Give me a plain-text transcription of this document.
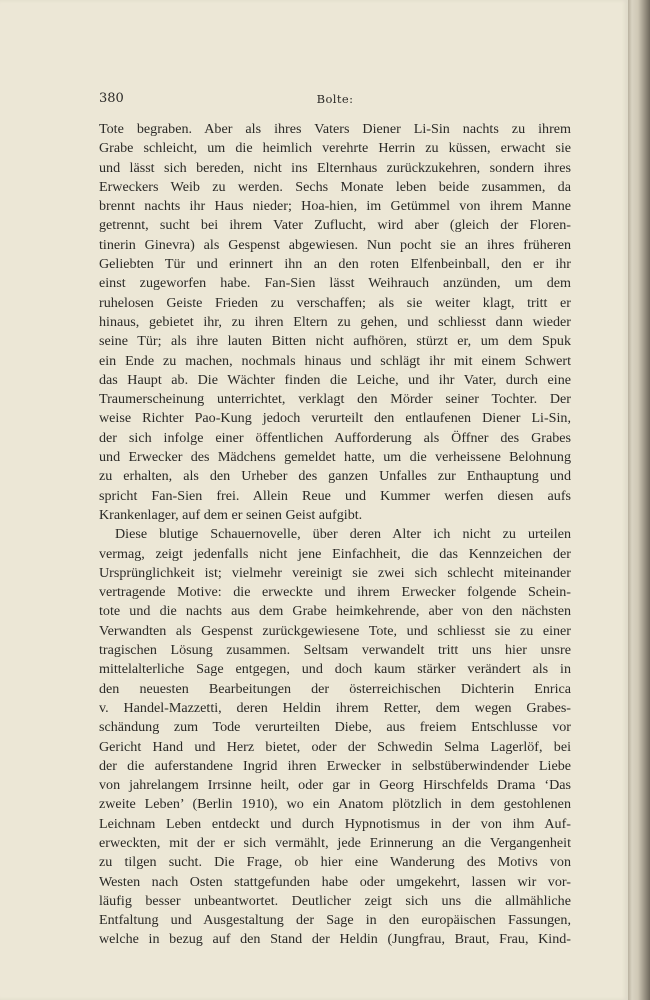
380	Bolte:
Tote begraben. Aber als ihres Vaters Diener Li-Sin nachts zu ihrem
Grabe schleicht, um die heimlich verehrte Herrin zu küssen, erwacht sie
und lässt sich bereden, nicht ins Elternhaus zurückzukehren, sondern ihres
Erweckers Weib zu werden. Sechs Monate leben beide zusammen, da
brennt nachts ihr Haus nieder; Hoa-hien, im Getümmel von ihrem Manne
getrennt, sucht bei ihrem Vater Zuflucht, wird aber (gleich der Floren-
tinerin Ginevra) als Gespenst abgewiesen. Nun pocht sie an ihres früheren
Geliebten Tür und erinnert ihn an den roten Elfenbeinball, den er ihr
einst zugeworfen habe. Fan-Sien lässt Weihrauch anzünden, um dem
ruhelosen Geiste Frieden zu verschaffen; als sie weiter klagt, tritt er
hinaus, gebietet ihr, zu ihren Eltern zu gehen, und schliesst dann wieder
seine Tür; als ihre lauten Bitten nicht aufhören, stürzt er, um dem Spuk
ein Ende zu machen, nochmals hinaus und schlägt ihr mit einem Schwert
das Haupt ab. Die Wächter finden die Leiche, und ihr Vater, durch eine
Traumerscheinung unterrichtet, verklagt den Mörder seiner Tochter. Der
weise Richter Pao-Kung jedoch verurteilt den entlaufenen Diener Li-Sin,
der sich infolge einer öffentlichen Aufforderung als Öffner des Grabes
und Erwecker des Mädchens gemeldet hatte, um die verheissene Belohnung
zu erhalten, als den Urheber des ganzen Unfalles zur Enthauptung und
spricht Fan-Sien frei. Allein Reue und Kummer werfen diesen aufs
Krankenlager, auf dem er seinen Geist aufgibt.
Diese blutige Schauernovelle, über deren Alter ich nicht zu urteilen
vermag, zeigt jedenfalls nicht jene Einfachheit, die das Kennzeichen der
Ursprünglichkeit ist; vielmehr vereinigt sie zwei sich schlecht miteinander
vertragende Motive: die erweckte und ihrem Erwecker folgende Schein-
tote und die nachts aus dem Grabe heimkehrende, aber von den nächsten
Verwandten als Gespenst zurückgewiesene Tote, und schliesst sie zu einer
tragischen Lösung zusammen. Seltsam verwandelt tritt uns hier unsre
mittelalterliche Sage entgegen, und doch kaum stärker verändert als in
den neuesten Bearbeitungen der österreichischen Dichterin Enrica
v. Handel-Mazzetti, deren Heldin ihrem Retter, dem wegen Grabes-
schändung zum Tode verurteilten Diebe, aus freiem Entschlusse vor
Gericht Hand und Herz bietet, oder der Schwedin Selma Lagerlöf, bei
der die auferstandene Ingrid ihren Erwecker in selbstüberwindender Liebe
von jahrelangem Irrsinne heilt, oder gar in Georg Hirschfelds Drama ‘Das
zweite Leben’ (Berlin 1910), wo ein Anatom plötzlich in dem gestohlenen
Leichnam Leben entdeckt und durch Hypnotismus in der von ihm Auf-
erweckten, mit der er sich vermählt, jede Erinnerung an die Vergangenheit
zu tilgen sucht. Die Frage, ob hier eine Wanderung des Motivs von
Westen nach Osten stattgefunden habe oder umgekehrt, lassen wir vor-
läufig besser unbeantwortet. Deutlicher zeigt sich uns die allmähliche
Entfaltung und Ausgestaltung der Sage in den europäischen Fassungen,
welche in bezug auf den Stand der Heldin (Jungfrau, Braut, Frau, Kind-
